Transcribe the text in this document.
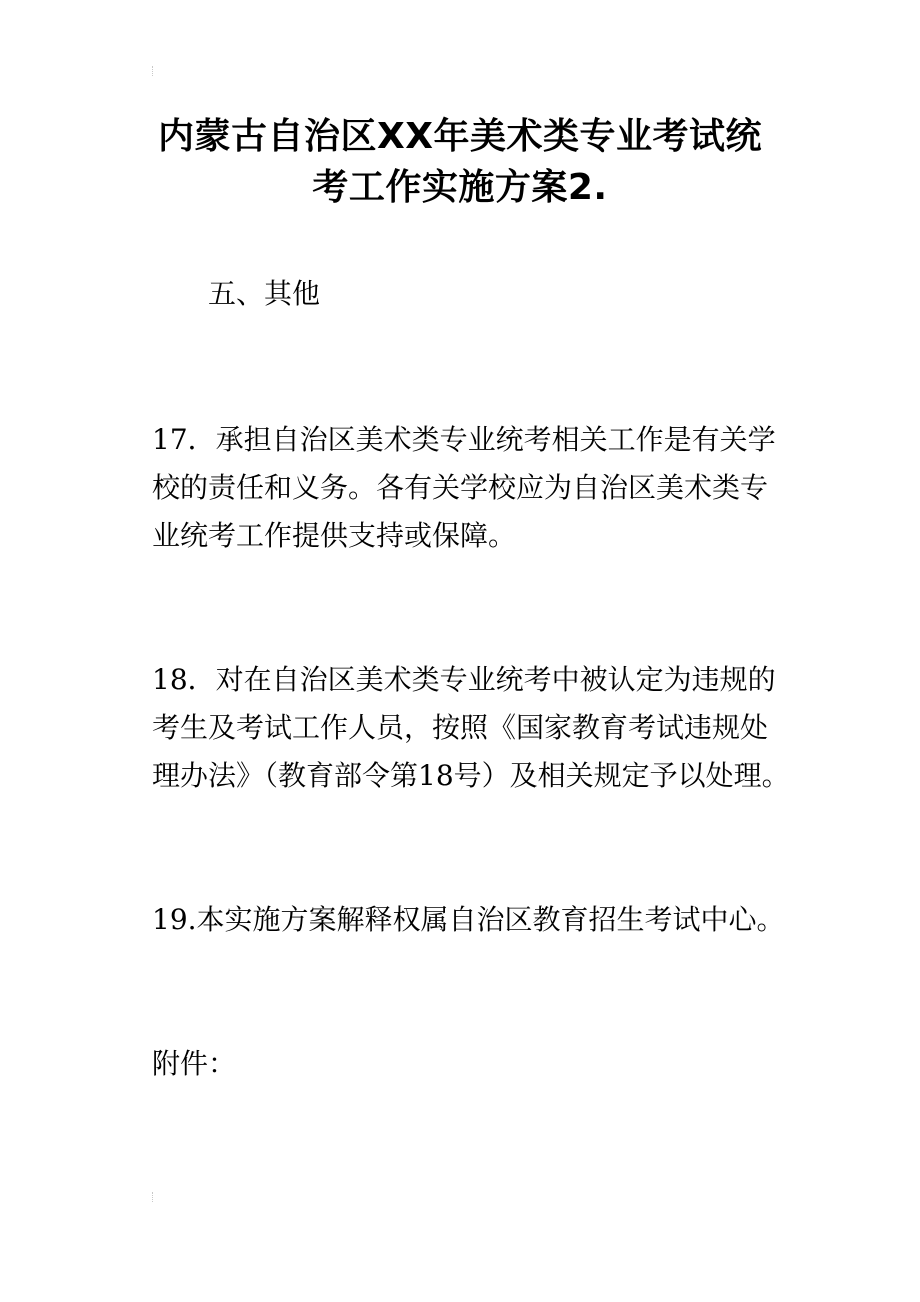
内蒙古自治区XX年美术类专业考试统
考工作实施方案2.

五、其他

17．承担自治区美术类专业统考相关工作是有关学
校的责任和义务。各有关学校应为自治区美术类专
业统考工作提供支持或保障。

18．对在自治区美术类专业统考中被认定为违规的
考生及考试工作人员，按照《国家教育考试违规处
理办法》（教育部令第18号）及相关规定予以处理。

19.本实施方案解释权属自治区教育招生考试中心。

附件：
